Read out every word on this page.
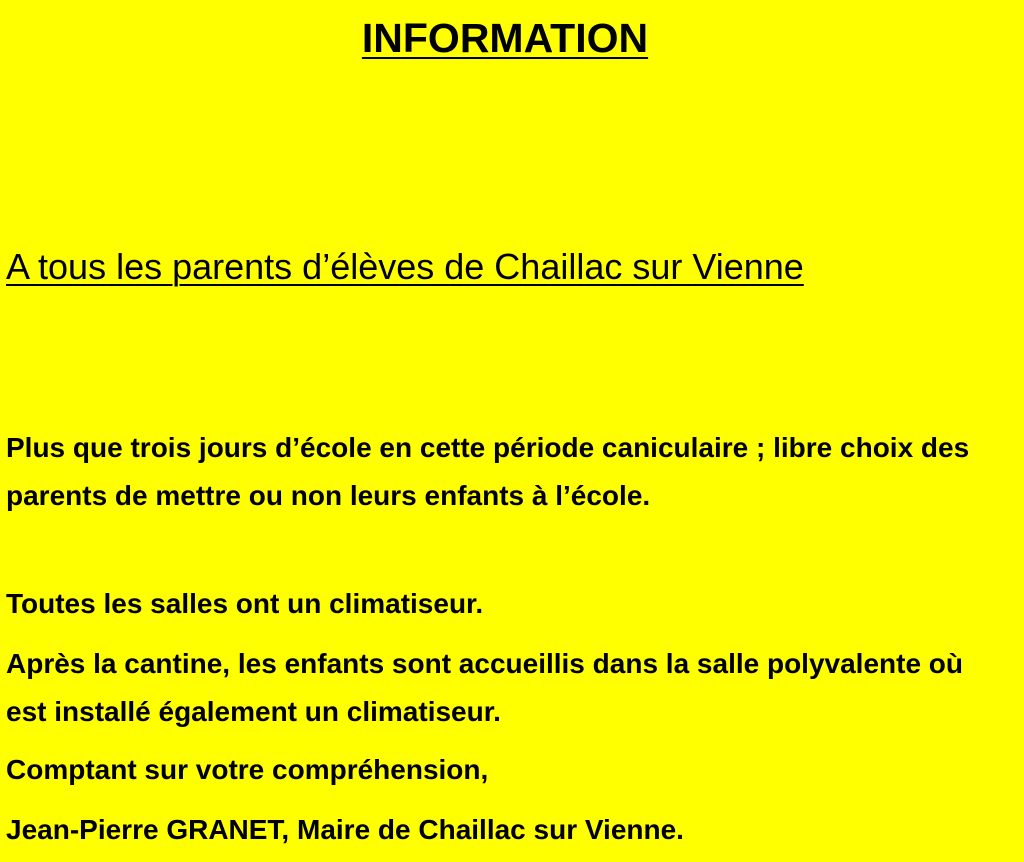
INFORMATION
A tous les parents d’élèves de Chaillac sur Vienne

Plus que trois jours d’école en cette période caniculaire ; libre choix des parents de mettre ou non leurs enfants à l’école.

Toutes les salles ont un climatiseur.

Après la cantine, les enfants sont accueillis dans la salle polyvalente où est installé également un climatiseur.

Comptant sur votre compréhension,

Jean-Pierre GRANET, Maire de Chaillac sur Vienne.
